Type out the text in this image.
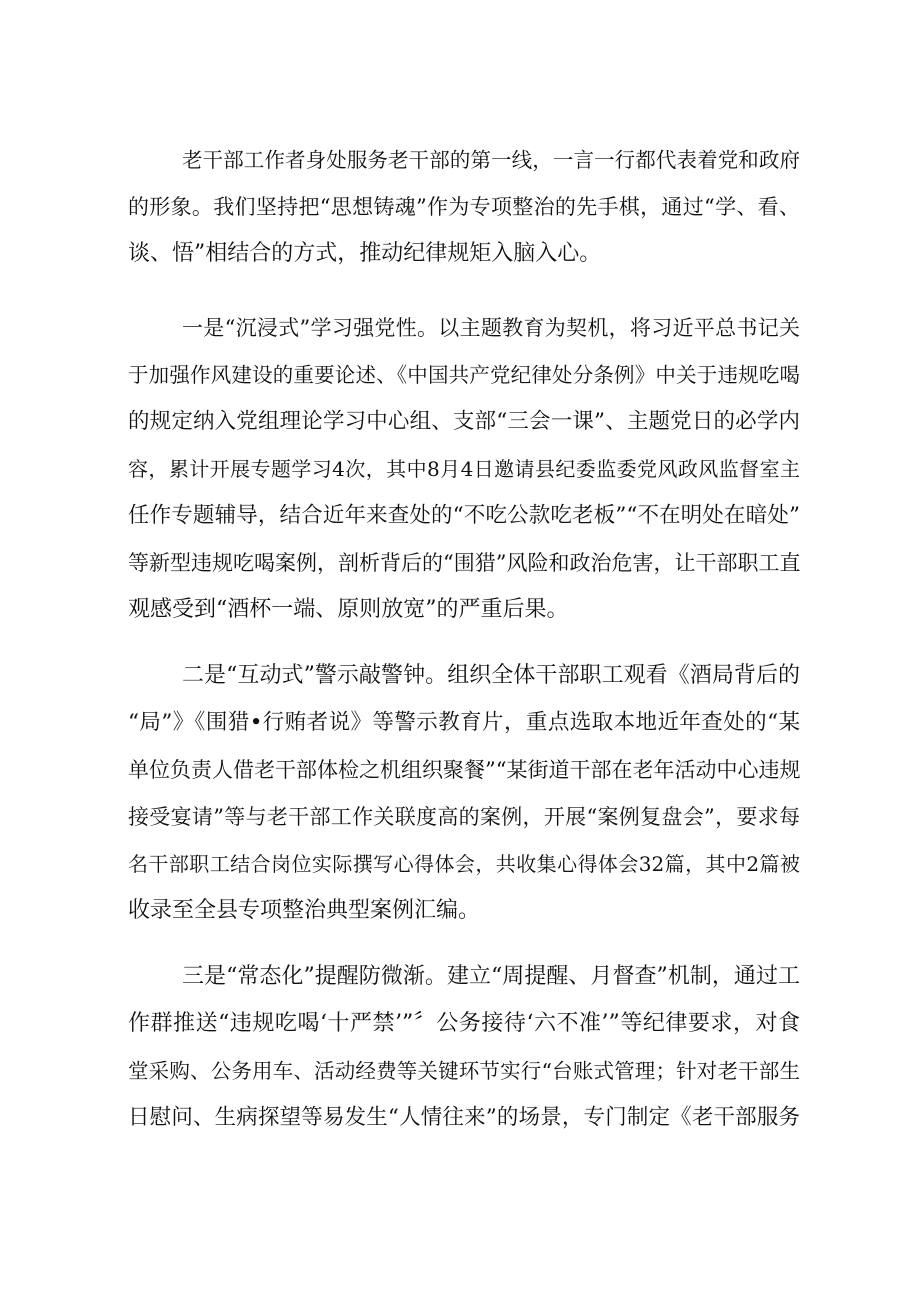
老干部工作者身处服务老干部的第一线，一言一行都代表着党和政府
的形象。我们坚持把“思想铸魂”作为专项整治的先手棋，通过“学、看、
谈、悟”相结合的方式，推动纪律规矩入脑入心。
一是“沉浸式”学习强党性。以主题教育为契机，将习近平总书记关
于加强作风建设的重要论述、《中国共产党纪律处分条例》中关于违规吃喝
的规定纳入党组理论学习中心组、支部“三会一课”、主题党日的必学内
容，累计开展专题学习4次，其中8月4日邀请县纪委监委党风政风监督室主
任作专题辅导，结合近年来查处的“不吃公款吃老板”“不在明处在暗处”
等新型违规吃喝案例，剖析背后的“围猎”风险和政治危害，让干部职工直
观感受到“酒杯一端、原则放宽”的严重后果。
二是“互动式”警示敲警钟。组织全体干部职工观看《酒局背后的
“局”》《围猎•行贿者说》等警示教育片，重点选取本地近年查处的“某
单位负责人借老干部体检之机组织聚餐”“某街道干部在老年活动中心违规
接受宴请”等与老干部工作关联度高的案例，开展“案例复盘会”，要求每
名干部职工结合岗位实际撰写心得体会，共收集心得体会32篇，其中2篇被
收录至全县专项整治典型案例汇编。
三是“常态化”提醒防微渐。建立“周提醒、月督查”机制，通过工
作群推送“违规吃喝‘十严禁’”〞公务接待‘六不准’”等纪律要求，对食
堂采购、公务用车、活动经费等关键环节实行“台账式管理；针对老干部生
日慰问、生病探望等易发生“人情往来”的场景，专门制定《老干部服务
